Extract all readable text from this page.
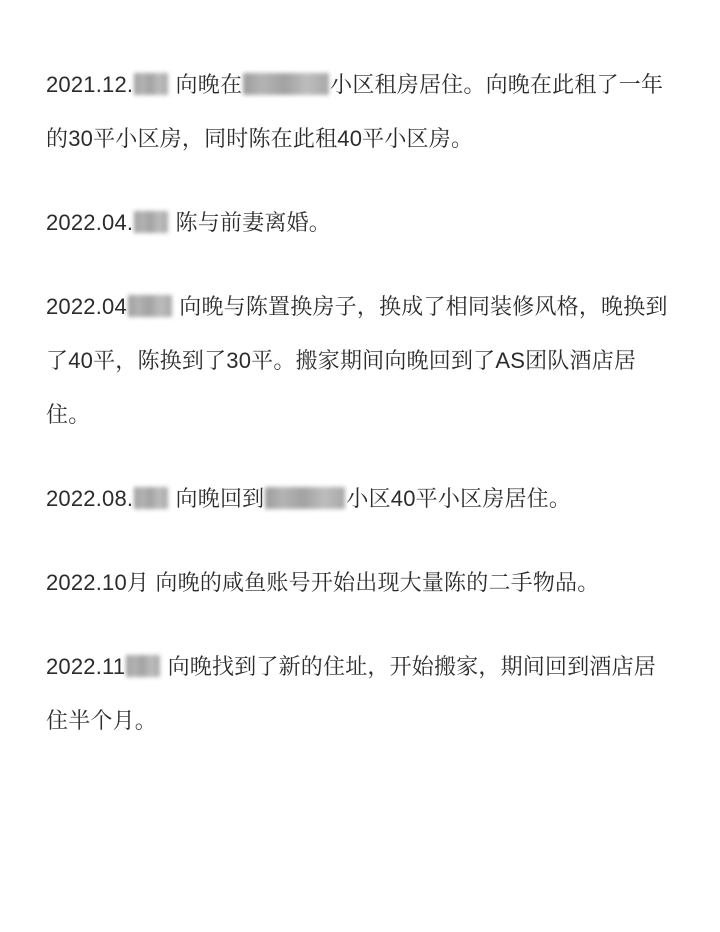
2021.12. 向晚在	小区租房居住。向晚在此租了一年的30平小区房，同时陈在此租40平小区房。
2022.04. 陈与前妻离婚。
2022.04 向晚与陈置换房子，换成了相同装修风格，晚换到了40平，陈换到了30平。搬家期间向晚回到了AS团队酒店居住。
2022.08. 向晚回到	小区40平小区房居住。
2022.10月 向晚的咸鱼账号开始出现大量陈的二手物品。
2022.11 向晚找到了新的住址，开始搬家，期间回到酒店居住半个月。
